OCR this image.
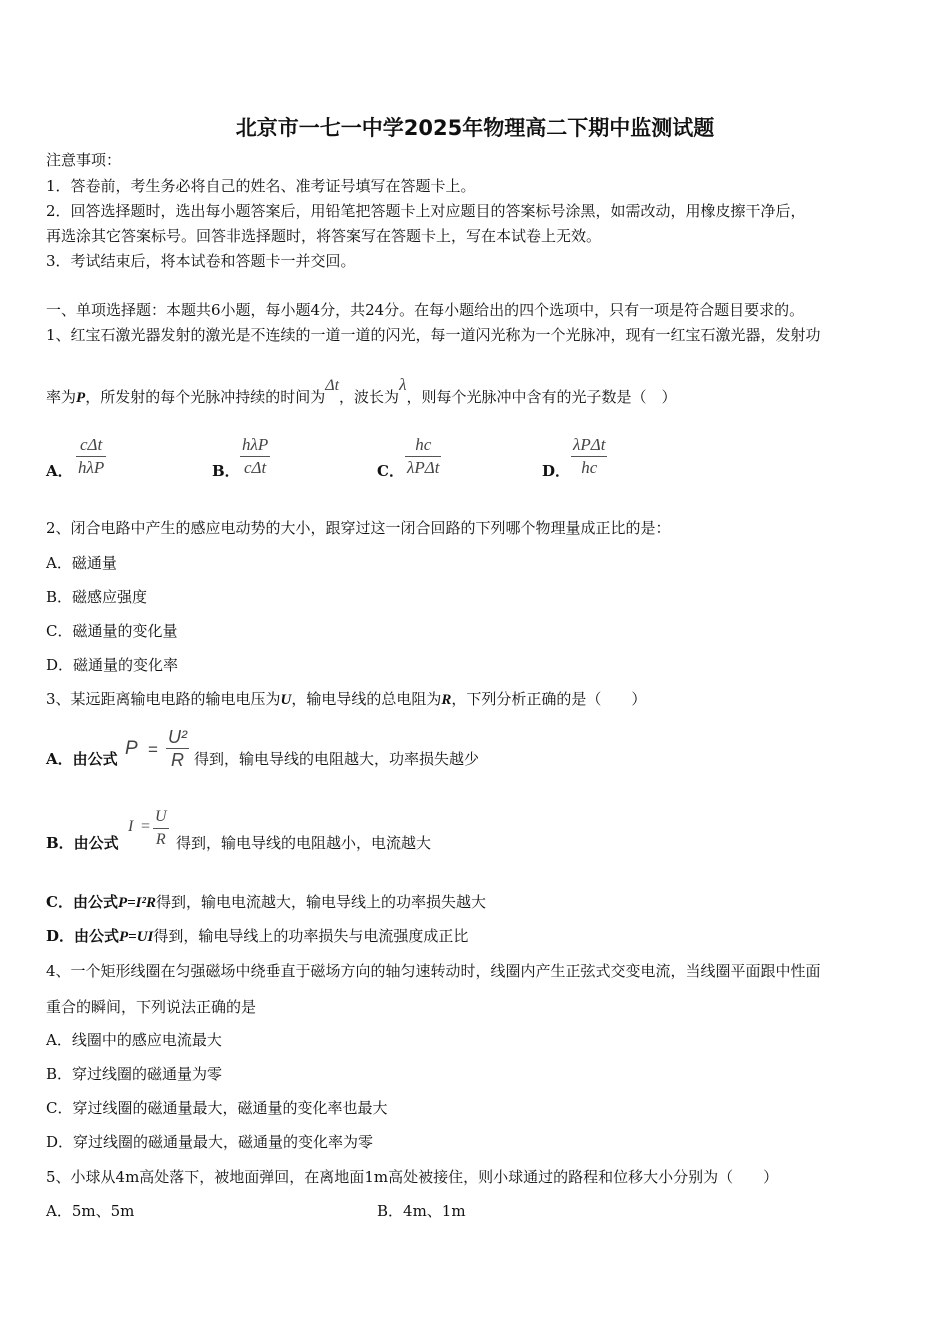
北京市一七一中学2025年物理高二下期中监测试题
注意事项：
1．答卷前，考生务必将自己的姓名、准考证号填写在答题卡上。
2．回答选择题时，选出每小题答案后，用铅笔把答题卡上对应题目的答案标号涂黑，如需改动，用橡皮擦干净后，
再选涂其它答案标号。回答非选择题时，将答案写在答题卡上，写在本试卷上无效。
3．考试结束后，将本试卷和答题卡一并交回。
一、单项选择题：本题共6小题，每小题4分，共24分。在每小题给出的四个选项中，只有一项是符合题目要求的。
1、红宝石激光器发射的激光是不连续的一道一道的闪光，每一道闪光称为一个光脉冲，现有一红宝石激光器，发射功
率为P，所发射的每个光脉冲持续的时间为Δt，波长为λ，则每个光脉冲中含有的光子数是（　）
A．
cΔt
hλP	B．
hλP
cΔt	C．
hc
λPΔt	D．
λPΔt
hc
2、闭合电路中产生的感应电动势的大小，跟穿过这一闭合回路的下列哪个物理量成正比的是：
A．磁通量
B．磁感应强度
C．磁通量的变化量
D．磁通量的变化率
3、某远距离输电电路的输电电压为U，输电导线的总电阻为R，下列分析正确的是（　　）
A．由公式 P =
U²
R 得到，输电导线的电阻越大，功率损失越少
B．由公式
I =
U
R 得到，输电导线的电阻越小，电流越大
C．由公式P=I²R得到，输电电流越大，输电导线上的功率损失越大
D．由公式P=UI得到，输电导线上的功率损失与电流强度成正比
4、一个矩形线圈在匀强磁场中绕垂直于磁场方向的轴匀速转动时，线圈内产生正弦式交变电流，当线圈平面跟中性面
重合的瞬间，下列说法正确的是
A．线圈中的感应电流最大
B．穿过线圈的磁通量为零
C．穿过线圈的磁通量最大，磁通量的变化率也最大
D．穿过线圈的磁通量最大，磁通量的变化率为零
5、小球从4m高处落下，被地面弹回，在离地面1m高处被接住，则小球通过的路程和位移大小分别为（　　）
A．5m、5m	B．4m、1m
